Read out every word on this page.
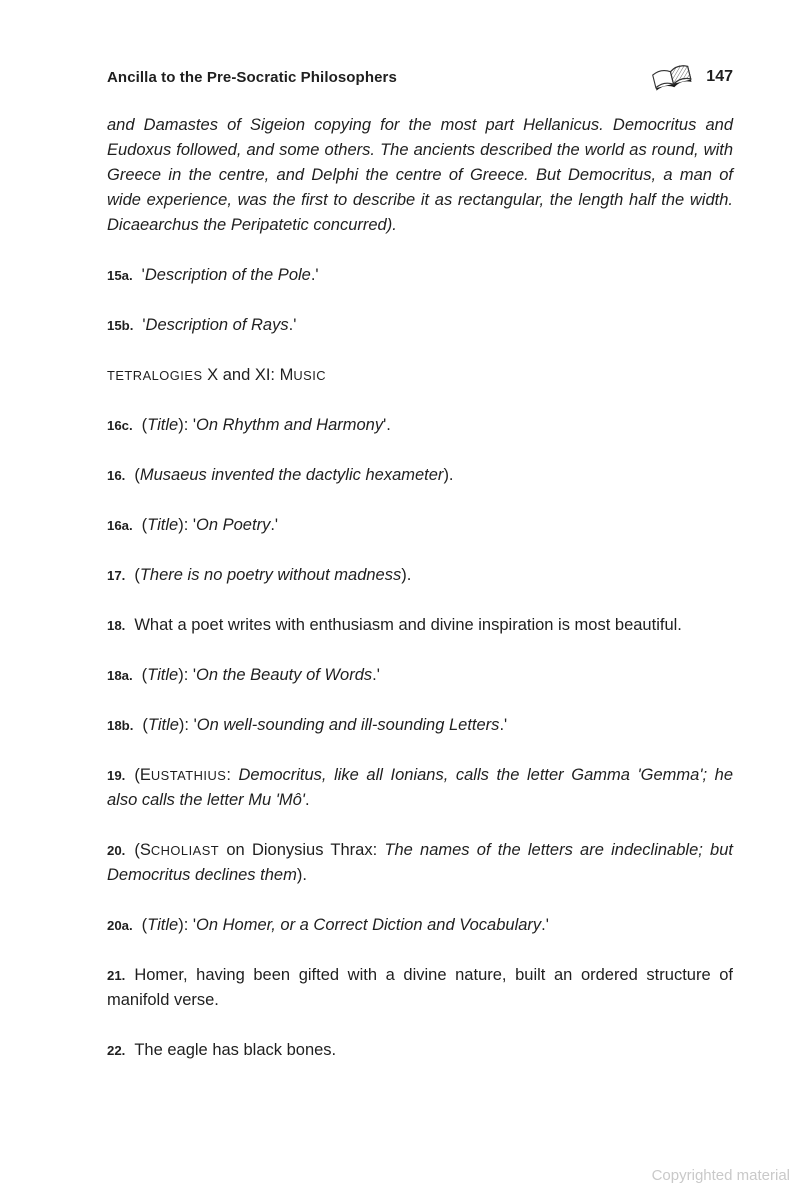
Ancilla to the Pre-Socratic Philosophers	147

and Damastes of Sigeion copying for the most part Hellanicus. Democritus and Eudoxus followed, and some others. The ancients described the world as round, with Greece in the centre, and Delphi the centre of Greece. But Democritus, a man of wide experience, was the first to describe it as rectangular, the length half the width. Dicaearchus the Peripatetic concurred).

15a. 'Description of the Pole.'

15b. 'Description of Rays.'

TETRALOGIES X and XI: MUSIC

16c. (Title): 'On Rhythm and Harmony'.

16. (Musaeus invented the dactylic hexameter).

16a. (Title): 'On Poetry.'

17. (There is no poetry without madness).

18. What a poet writes with enthusiasm and divine inspiration is most beautiful.

18a. (Title): 'On the Beauty of Words.'

18b. (Title): 'On well-sounding and ill-sounding Letters.'

19. (EUSTATHIUS: Democritus, like all Ionians, calls the letter Gamma 'Gemma'; he also calls the letter Mu 'Mô'.

20. (SCHOLIAST on Dionysius Thrax: The names of the letters are indeclinable; but Democritus declines them).

20a. (Title): 'On Homer, or a Correct Diction and Vocabulary.'

21. Homer, having been gifted with a divine nature, built an ordered structure of manifold verse.

22. The eagle has black bones.

Copyrighted material
